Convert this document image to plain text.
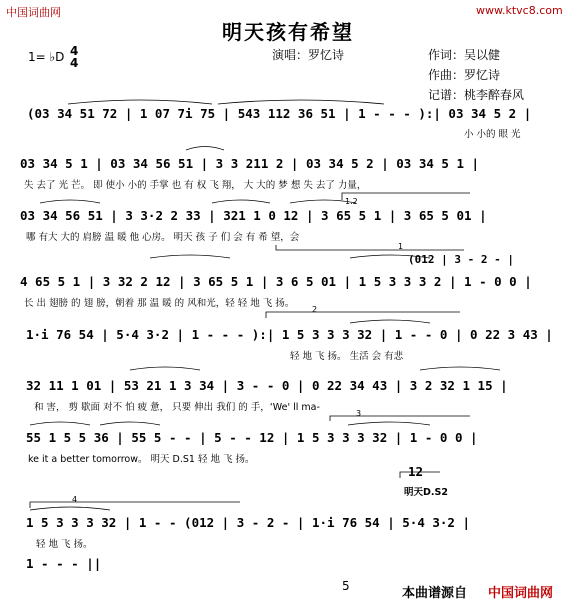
中国词曲网	www.ktvc8.com
明天孩有希望
1= ♭D 4
4
演唱：罗忆诗	作词：吴以健
作曲：罗忆诗
记谱：桃李醉春风
1.2
1
2
3
4
(03 34 51 72 | 1 07 7i 75 | 543 112 36 51 | 1 - - - ):| 03 34 5 2 |
小 小的 眼 光
03 34 5 1 | 03 34 56 51 | 3 3 211 2 | 03 34 5 2 | 03 34 5 1 |
失 去了 光 芒。 即 使小 小的 手掌 也 有 权 飞 翔， 大 大的 梦 想 失 去了 力量，
03 34 56 51 | 3 3·2 2 33 | 321 1 0 12 | 3 65 5 1 | 3 65 5 01 |
哪 有大 大的 肩膀 温 暖 他 心房。 明天 孩 子 们 会 有 希 望，会
(012 | 3 - 2 - |
4 65 5 1 | 3 32 2 12 | 3 65 5 1 | 3 6 5 01 | 1 5 3 3 3 2 | 1 - 0 0 |
长 出 翅膀 的 翅 膀，朝着 那 温 暖 的 风和光，轻 轻 地 飞 扬。
1·i 76 54 | 5·4 3·2 | 1 - - - ):| 1 5 3 3 3 32 | 1 - - 0 | 0 22 3 43 |
轻 地 飞 扬。 生活 会 有悲
32 11 1 01 | 53 21 1 3 34 | 3 - - 0 | 0 22 34 43 | 3 2 32 1 15 |
和 害， 剪 歇面 对不 怕 疲 惫， 只要 伸出 我们 的 手，‘We' ll ma-
55 1 5 5 36 | 55 5 - - | 5 - - 12 | 1 5 3 3 3 32 | 1 - 0 0 |
ke it a better tomorrow。 明天 D.S1 轻 地 飞 扬。
12
明天D.S2
1 5 3 3 3 32 | 1 - - (012 | 3 - 2 - | 1·i 76 54 | 5·4 3·2 |
轻 地 飞 扬。
1 - - - ||
5	本曲谱源自 中国词曲网
